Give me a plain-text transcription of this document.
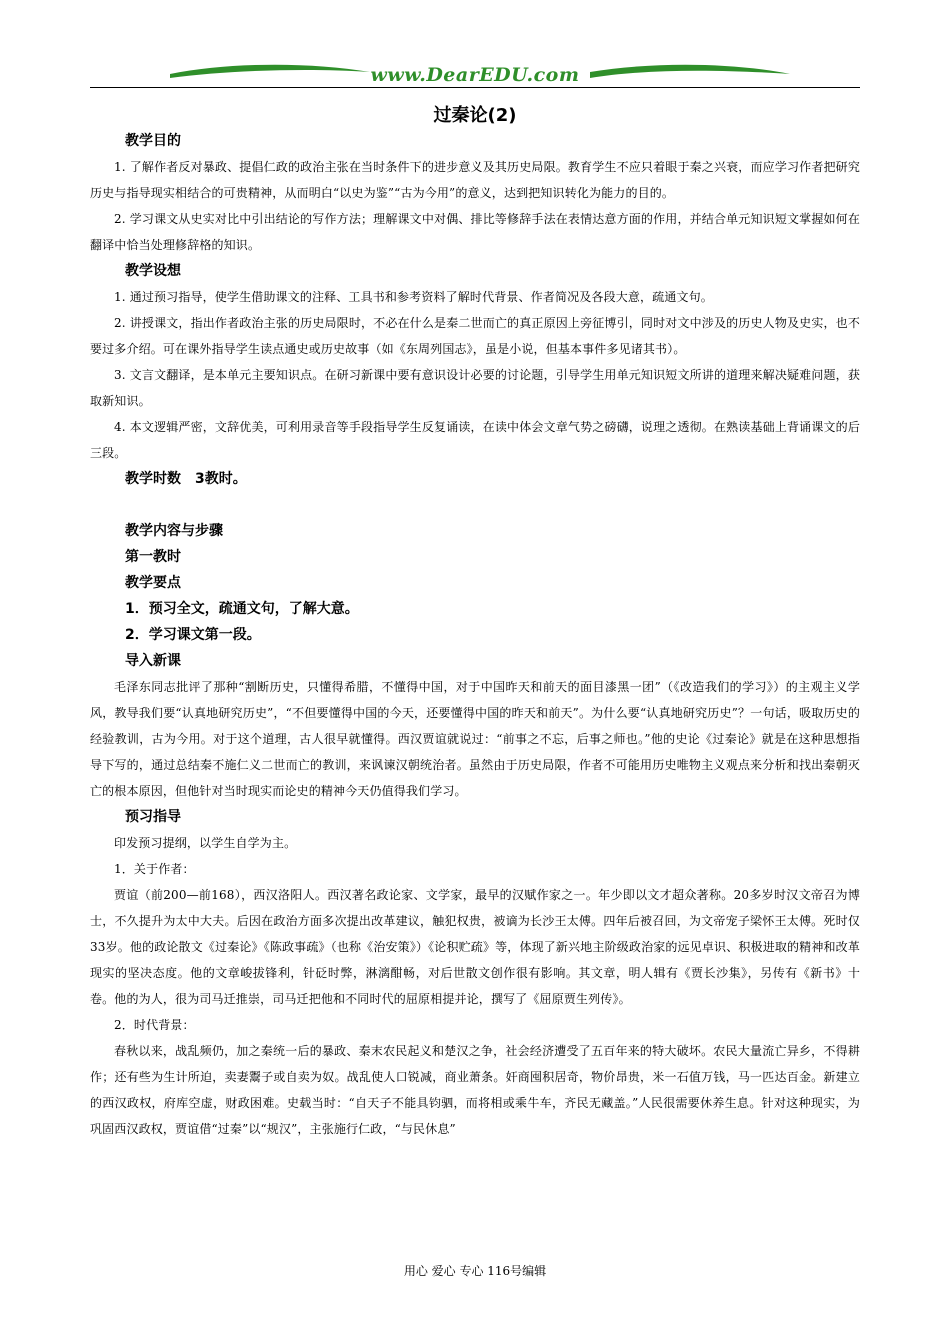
www.DearEDU.com
过秦论(2)

教学目的

1. 了解作者反对暴政、提倡仁政的政治主张在当时条件下的进步意义及其历史局限。教育学生不应只着眼于秦之兴衰，而应学习作者把研究历史与指导现实相结合的可贵精神，从而明白“以史为鉴”“古为今用”的意义，达到把知识转化为能力的目的。

2. 学习课文从史实对比中引出结论的写作方法；理解课文中对偶、排比等修辞手法在表情达意方面的作用，并结合单元知识短文掌握如何在翻译中恰当处理修辞格的知识。

教学设想

1. 通过预习指导，使学生借助课文的注释、工具书和参考资料了解时代背景、作者简况及各段大意，疏通文句。

2. 讲授课文，指出作者政治主张的历史局限时，不必在什么是秦二世而亡的真正原因上旁征博引，同时对文中涉及的历史人物及史实，也不要过多介绍。可在课外指导学生读点通史或历史故事（如《东周列国志》，虽是小说，但基本事件多见诸其书）。

3. 文言文翻译，是本单元主要知识点。在研习新课中要有意识设计必要的讨论题，引导学生用单元知识短文所讲的道理来解决疑难问题，获取新知识。

4. 本文逻辑严密，文辞优美，可利用录音等手段指导学生反复诵读，在读中体会文章气势之磅礴，说理之透彻。在熟读基础上背诵课文的后三段。

教学时数　3教时。

教学内容与步骤

第一教时

教学要点

1．预习全文，疏通文句，了解大意。

2．学习课文第一段。

导入新课

毛泽东同志批评了那种“割断历史，只懂得希腊，不懂得中国，对于中国昨天和前天的面目漆黑一团”（《改造我们的学习》）的主观主义学风，教导我们要“认真地研究历史”，“不但要懂得中国的今天，还要懂得中国的昨天和前天”。为什么要“认真地研究历史”？一句话，吸取历史的经验教训，古为今用。对于这个道理，古人很早就懂得。西汉贾谊就说过：“前事之不忘，后事之师也。”他的史论《过秦论》就是在这种思想指导下写的，通过总结秦不施仁义二世而亡的教训，来讽谏汉朝统治者。虽然由于历史局限，作者不可能用历史唯物主义观点来分析和找出秦朝灭亡的根本原因，但他针对当时现实而论史的精神今天仍值得我们学习。

预习指导

印发预习提纲，以学生自学为主。

1．关于作者：

贾谊（前200—前168），西汉洛阳人。西汉著名政论家、文学家，最早的汉赋作家之一。年少即以文才超众著称。20多岁时汉文帝召为博士，不久提升为太中大夫。后因在政治方面多次提出改革建议，触犯权贵，被谪为长沙王太傅。四年后被召回，为文帝宠子梁怀王太傅。死时仅33岁。他的政论散文《过秦论》《陈政事疏》（也称《治安策》）《论积贮疏》等，体现了新兴地主阶级政治家的远见卓识、积极进取的精神和改革现实的坚决态度。他的文章峻拔锋利，针砭时弊，淋漓酣畅，对后世散文创作很有影响。其文章，明人辑有《贾长沙集》，另传有《新书》十卷。他的为人，很为司马迁推崇，司马迁把他和不同时代的屈原相提并论，撰写了《屈原贾生列传》。

2．时代背景：

春秋以来，战乱频仍，加之秦统一后的暴政、秦末农民起义和楚汉之争，社会经济遭受了五百年来的特大破坏。农民大量流亡异乡，不得耕作；还有些为生计所迫，卖妻鬻子或自卖为奴。战乱使人口锐减，商业萧条。奸商囤积居奇，物价昂贵，米一石值万钱，马一匹达百金。新建立的西汉政权，府库空虚，财政困难。史载当时：“自天子不能具钧驷，而将相或乘牛车，齐民无藏盖。”人民很需要休养生息。针对这种现实，为巩固西汉政权，贾谊借“过秦”以“规汉”，主张施行仁政，“与民休息”

用心 爱心 专心 116号编辑
